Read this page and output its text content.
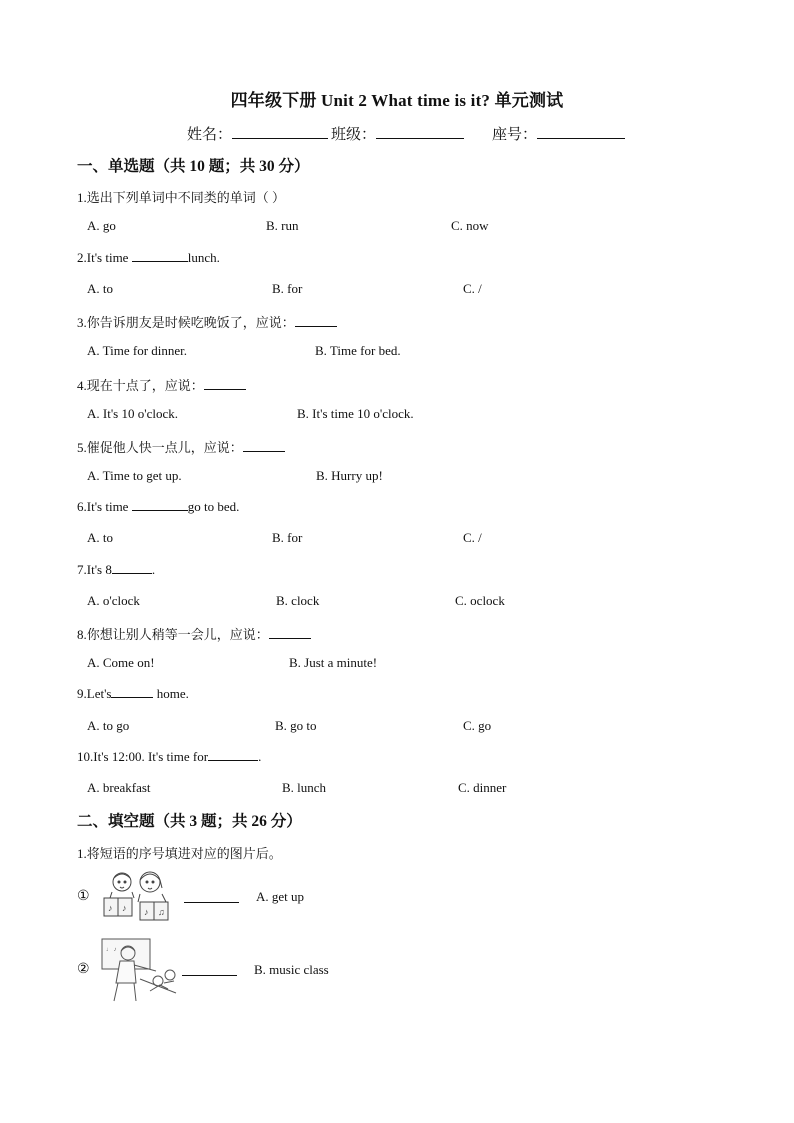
四年级下册 Unit 2 What time is it? 单元测试
姓名：	班级：	座号：
一、单选题（共 10 题；共 30 分）
1.选出下列单词中不同类的单词（ ）
A. go	B. run	C. now
2.It's time	lunch.
A. to	B. for	C. /
3.你告诉朋友是时候吃晚饭了，应说：
A. Time for dinner.	B. Time for bed.
4.现在十点了，应说：
A. It's 10 o'clock.	B. It's time 10 o'clock.
5.催促他人快一点儿，应说：
A. Time to get up.	B. Hurry up!
6.It's time	go to bed.
A. to	B. for	C. /
7.It's 8	.
A. o'clock	B. clock	C. oclock
8.你想让别人稍等一会儿，应说：
A. Come on!	B. Just a minute!
9.Let's	home.
A. to go	B. go to	C. go
10.It's 12:00. It's time for	.
A. breakfast	B. lunch	C. dinner
二、填空题（共 3 题；共 26 分）
1.将短语的序号填进对应的图片后。
①
♪ ♪ ♪ ♫
A. get up
②
♩ ♪
B. music class
